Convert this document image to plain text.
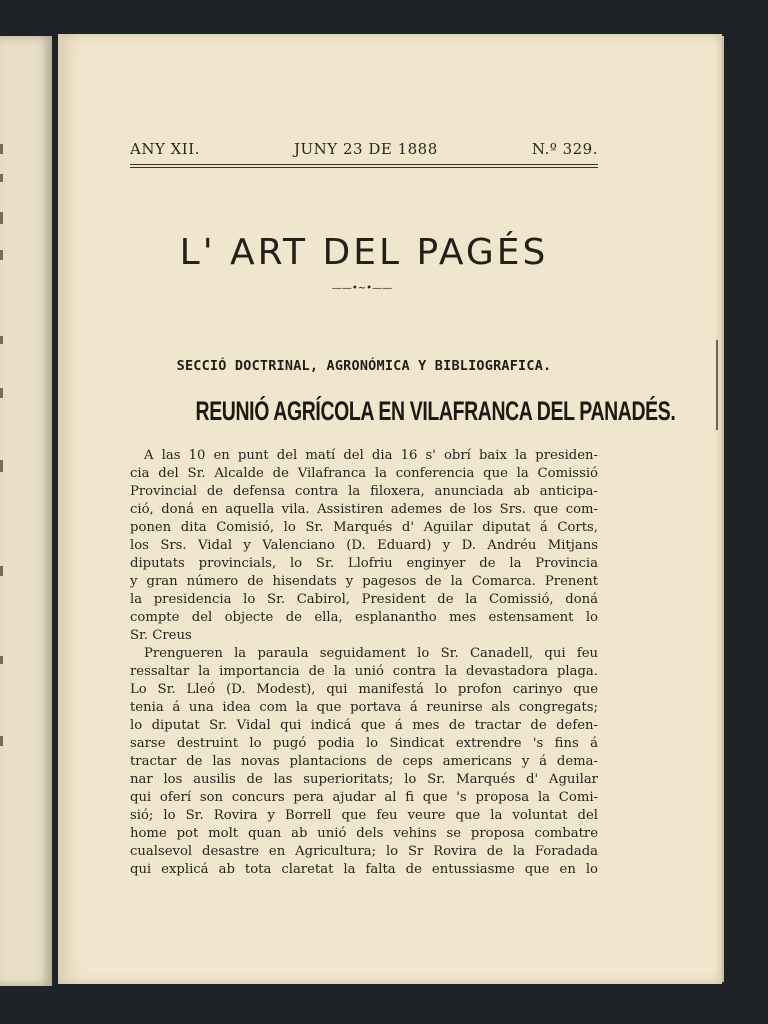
ANY XII.	JUNY 23 DE 1888	N.º 329.
L' ART DEL PAGÉS
——•~•——
SECCIÓ DOCTRINAL, AGRONÓMICA Y BIBLIOGRAFICA.
REUNIÓ AGRÍCOLA EN VILAFRANCA DEL PANADÉS.
A las 10 en punt del matí del dia 16 s' obrí baix la presiden-
cia del Sr. Alcalde de Vilafranca la conferencia que la Comissió
Provincial de defensa contra la filoxera, anunciada ab anticipa-
ció, doná en aquella vila. Assistiren ademes de los Srs. que com-
ponen dita Comisió, lo Sr. Marqués d' Aguilar diputat á Corts,
los Srs. Vidal y Valenciano (D. Eduard) y D. Andréu Mitjans
diputats provincials, lo Sr. Llofriu enginyer de la Provincia
y gran número de hisendats y pagesos de la Comarca. Prenent
la presidencia lo Sr. Cabirol, President de la Comissió, doná
compte del objecte de ella, esplanantho mes estensament lo
Sr. Creus
Prengueren la paraula seguidament lo Sr. Canadell, qui feu
ressaltar la importancia de la unió contra la devastadora plaga.
Lo Sr. Lleó (D. Modest), qui manifestá lo profon carinyo que
tenia á una idea com la que portava á reunirse als congregats;
lo diputat Sr. Vidal qui indicá que á mes de tractar de defen-
sarse destruint lo pugó podia lo Sindicat extrendre 's fins á
tractar de las novas plantacions de ceps americans y á dema-
nar los ausilis de las superioritats; lo Sr. Marqués d' Aguilar
qui oferí son concurs pera ajudar al fi que 's proposa la Comi-
sió; lo Sr. Rovira y Borrell que feu veure que la voluntat del
home pot molt quan ab unió dels vehins se proposa combatre
cualsevol desastre en Agricultura; lo Sr Rovira de la Foradada
qui explicá ab tota claretat la falta de entussiasme que en lo
